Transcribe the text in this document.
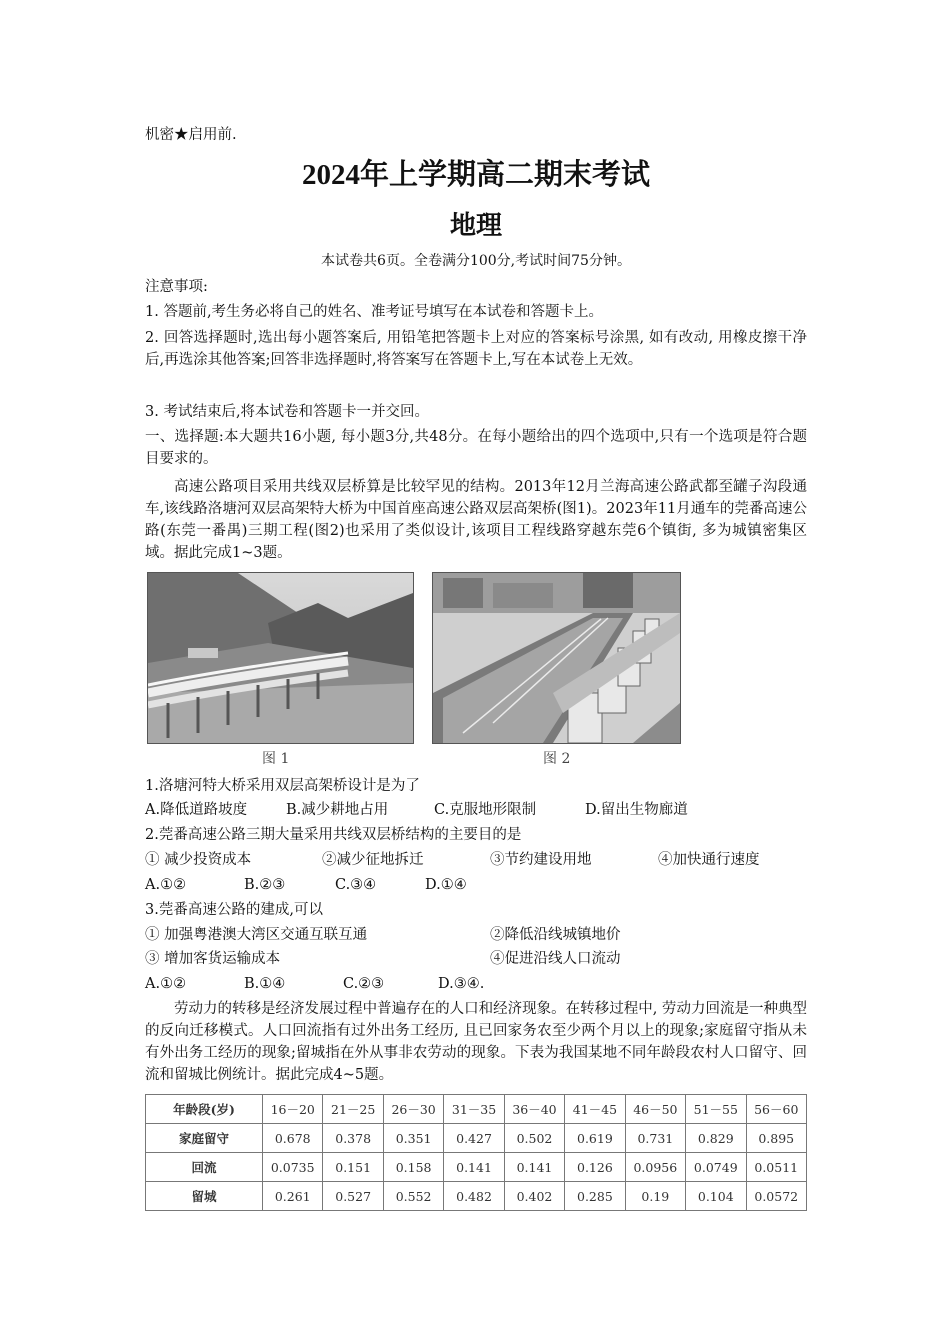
机密★启用前.
2024年上学期高二期末考试
地理
本试卷共6页。全卷满分100分,考试时间75分钟。
注意事项:
1. 答题前,考生务必将自己的姓名、准考证号填写在本试卷和答题卡上。
2. 回答选择题时,选出每小题答案后, 用铅笔把答题卡上对应的答案标号涂黑, 如有改动, 用橡皮擦干净后,再选涂其他答案;回答非选择题时,将答案写在答题卡上,写在本试卷上无效。
3. 考试结束后,将本试卷和答题卡一并交回。
一、选择题:本大题共16小题, 每小题3分,共48分。在每小题给出的四个选项中,只有一个选项是符合题目要求的。
高速公路项目采用共线双层桥算是比较罕见的结构。2013年12月兰海高速公路武都至罐子沟段通车,该线路洛塘河双层高架特大桥为中国首座高速公路双层高架桥(图1)。2023年11月通车的莞番高速公路(东莞一番禺)三期工程(图2)也采用了类似设计,该项目工程线路穿越东莞6个镇街, 多为城镇密集区域。据此完成1~3题。
图 1	图 2
1.洛塘河特大桥采用双层高架桥设计是为了
A.降低道路坡度	B.减少耕地占用	C.克服地形限制	D.留出生物廊道
2.莞番高速公路三期大量采用共线双层桥结构的主要目的是
① 减少投资成本	②减少征地拆迁	③节约建设用地	④加快通行速度
A.①②	B.②③	C.③④	D.①④
3.莞番高速公路的建成,可以
① 加强粤港澳大湾区交通互联互通	②降低沿线城镇地价
③ 增加客货运输成本	④促进沿线人口流动
A.①②	B.①④	C.②③	D.③④.
劳动力的转移是经济发展过程中普遍存在的人口和经济现象。在转移过程中, 劳动力回流是一种典型的反向迁移模式。人口回流指有过外出务工经历, 且已回家务农至少两个月以上的现象;家庭留守指从未有外出务工经历的现象;留城指在外从事非农劳动的现象。下表为我国某地不同年龄段农村人口留守、回流和留城比例统计。据此完成4~5题。
年龄段(岁)	16－20	21－25	26－30	31－35	36－40	41－45	46－50	51－55	56－60
家庭留守	0.678	0.378	0.351	0.427	0.502	0.619	0.731	0.829	0.895
回流	0.0735	0.151	0.158	0.141	0.141	0.126	0.0956	0.0749	0.0511
留城	0.261	0.527	0.552	0.482	0.402	0.285	0.19	0.104	0.0572
